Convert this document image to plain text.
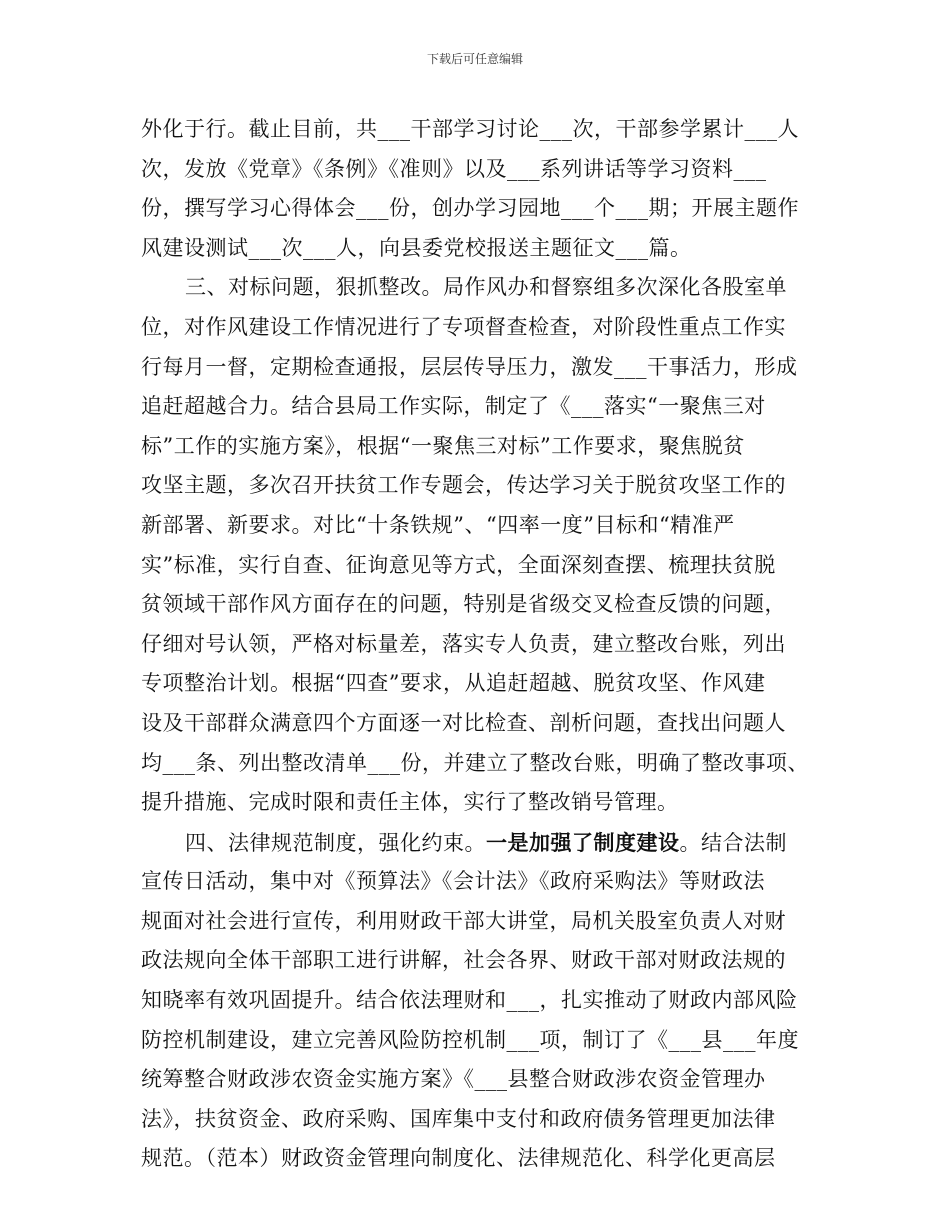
下载后可任意编辑
外化于行。截止目前，共___干部学习讨论___次，干部参学累计___人
次，发放《党章》《条例》《准则》以及___系列讲话等学习资料___
份，撰写学习心得体会___份，创办学习园地___个___期；开展主题作
风建设测试___次___人，向县委党校报送主题征文___篇。
三、对标问题，狠抓整改。局作风办和督察组多次深化各股室单
位，对作风建设工作情况进行了专项督查检查，对阶段性重点工作实
行每月一督，定期检查通报，层层传导压力，激发___干事活力，形成
追赶超越合力。结合县局工作实际，制定了《___落实“一聚焦三对
标”工作的实施方案》，根据“一聚焦三对标”工作要求，聚焦脱贫
攻坚主题，多次召开扶贫工作专题会，传达学习关于脱贫攻坚工作的
新部署、新要求。对比“十条铁规”、“四率一度”目标和“精准严
实”标准，实行自查、征询意见等方式，全面深刻查摆、梳理扶贫脱
贫领域干部作风方面存在的问题，特别是省级交叉检查反馈的问题，
仔细对号认领，严格对标量差，落实专人负责，建立整改台账，列出
专项整治计划。根据“四查”要求，从追赶超越、脱贫攻坚、作风建
设及干部群众满意四个方面逐一对比检查、剖析问题，查找出问题人
均___条、列出整改清单___份，并建立了整改台账，明确了整改事项、
提升措施、完成时限和责任主体，实行了整改销号管理。
四、法律规范制度，强化约束。一是加强了制度建设。结合法制
宣传日活动，集中对《预算法》《会计法》《政府采购法》等财政法
规面对社会进行宣传，利用财政干部大讲堂，局机关股室负责人对财
政法规向全体干部职工进行讲解，社会各界、财政干部对财政法规的
知晓率有效巩固提升。结合依法理财和___，扎实推动了财政内部风险
防控机制建设，建立完善风险防控机制___项，制订了《___县___年度
统筹整合财政涉农资金实施方案》《___县整合财政涉农资金管理办
法》，扶贫资金、政府采购、国库集中支付和政府债务管理更加法律
规范。（范本）财政资金管理向制度化、法律规范化、科学化更高层
